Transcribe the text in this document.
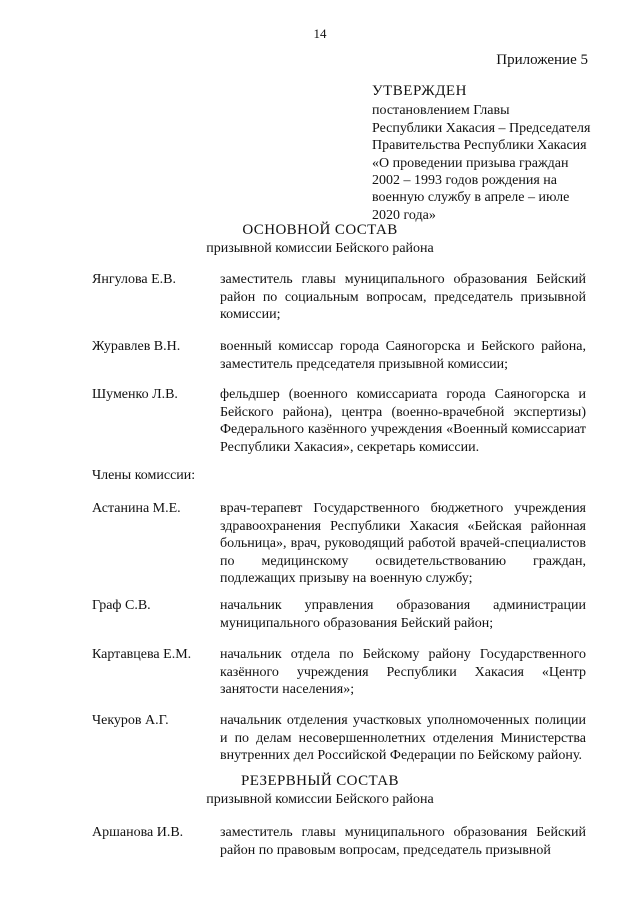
14
Приложение 5
УТВЕРЖДЕН
постановлением Главы
Республики Хакасия – Председателя
Правительства Республики Хакасия
«О проведении призыва граждан
2002 – 1993 годов рождения на
военную службу в апреле – июле
2020 года»
ОСНОВНОЙ СОСТАВ
призывной комиссии Бейского района
Янгулова Е.В.	заместитель главы муниципального образования Бейский район по социальным вопросам, председатель призывной комиссии;
Журавлев В.Н.	военный комиссар города Саяногорска и Бейского района, заместитель председателя призывной комиссии;
Шуменко Л.В.	фельдшер (военного комиссариата города Саяногорска и Бейского района), центра (военно-врачебной экспертизы) Федерального казённого учреждения «Военный комиссариат Республики Хакасия», секретарь комиссии.
Члены комиссии:
Астанина М.Е.	врач-терапевт Государственного бюджетного учреждения здравоохранения Республики Хакасия «Бейская районная больница», врач, руководящий работой врачей-специалистов по медицинскому освидетельствованию граждан, подлежащих призыву на военную службу;
Граф С.В.	начальник управления образования администрации муниципального образования Бейский район;
Картавцева Е.М.	начальник отдела по Бейскому району Государственного казённого учреждения Республики Хакасия «Центр занятости населения»;
Чекуров А.Г.	начальник отделения участковых уполномоченных полиции и по делам несовершеннолетних отделения Министерства внутренних дел Российской Федерации по Бейскому району.
РЕЗЕРВНЫЙ СОСТАВ
призывной комиссии Бейского района
Аршанова И.В.	заместитель главы муниципального образования Бейский район по правовым вопросам, председатель призывной
